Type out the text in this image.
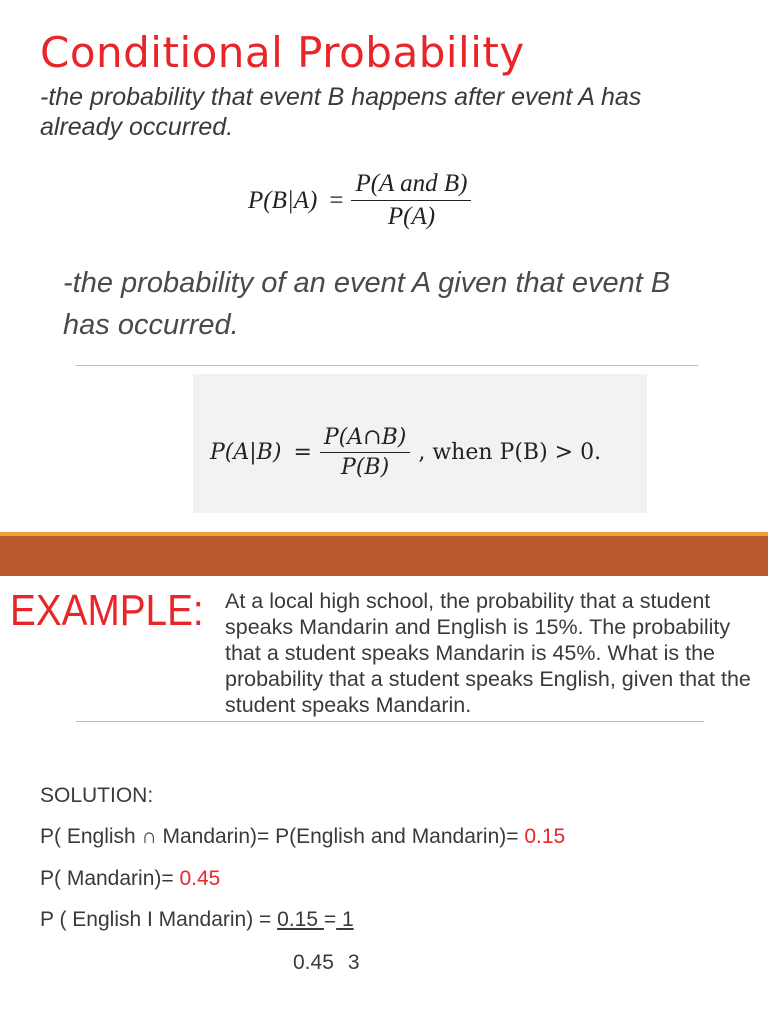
Conditional Probability
-the probability that event B happens after event A has already occurred.
$P(B|A) = \frac{\text{P(A and B)}}{P(A)}$
-the probability of an event A given that event B has occurred.
$P(A|B) = \frac{P(A\cap B)}{P(B)}$ , when P(B) > 0.
EXAMPLE: At a local high school, the probability that a student speaks Mandarin and English is 15%. The probability that a student speaks Mandarin is 45%. What is the probability that a student speaks English, given that the student speaks Mandarin.
SOLUTION:
P( English ∩ Mandarin)= P(English and Mandarin)= 0.15
P( Mandarin)= 0.45
P ( English I Mandarin) = 0.15 = 1
0.45 3
